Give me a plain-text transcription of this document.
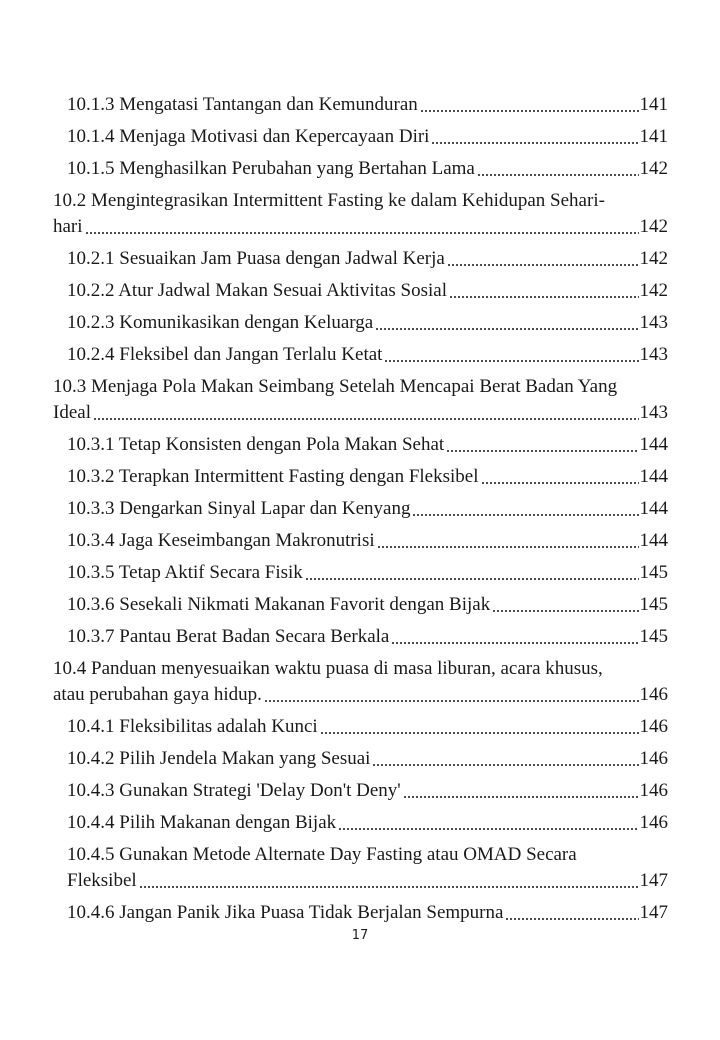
10.1.3 Mengatasi Tantangan dan Kemunduran	141
10.1.4 Menjaga Motivasi dan Kepercayaan Diri	141
10.1.5 Menghasilkan Perubahan yang Bertahan Lama	142
10.2 Mengintegrasikan Intermittent Fasting ke dalam Kehidupan Sehari-
hari	142
10.2.1 Sesuaikan Jam Puasa dengan Jadwal Kerja	142
10.2.2 Atur Jadwal Makan Sesuai Aktivitas Sosial	142
10.2.3 Komunikasikan dengan Keluarga	143
10.2.4 Fleksibel dan Jangan Terlalu Ketat	143
10.3 Menjaga Pola Makan Seimbang Setelah Mencapai Berat Badan Yang
Ideal	143
10.3.1 Tetap Konsisten dengan Pola Makan Sehat	144
10.3.2 Terapkan Intermittent Fasting dengan Fleksibel	144
10.3.3 Dengarkan Sinyal Lapar dan Kenyang	144
10.3.4 Jaga Keseimbangan Makronutrisi	144
10.3.5 Tetap Aktif Secara Fisik	145
10.3.6 Sesekali Nikmati Makanan Favorit dengan Bijak	145
10.3.7 Pantau Berat Badan Secara Berkala	145
10.4 Panduan menyesuaikan waktu puasa di masa liburan, acara khusus,
atau perubahan gaya hidup.	146
10.4.1 Fleksibilitas adalah Kunci	146
10.4.2 Pilih Jendela Makan yang Sesuai	146
10.4.3 Gunakan Strategi 'Delay Don't Deny'	146
10.4.4 Pilih Makanan dengan Bijak	146
10.4.5 Gunakan Metode Alternate Day Fasting atau OMAD Secara
Fleksibel	147
10.4.6 Jangan Panik Jika Puasa Tidak Berjalan Sempurna	147
17
